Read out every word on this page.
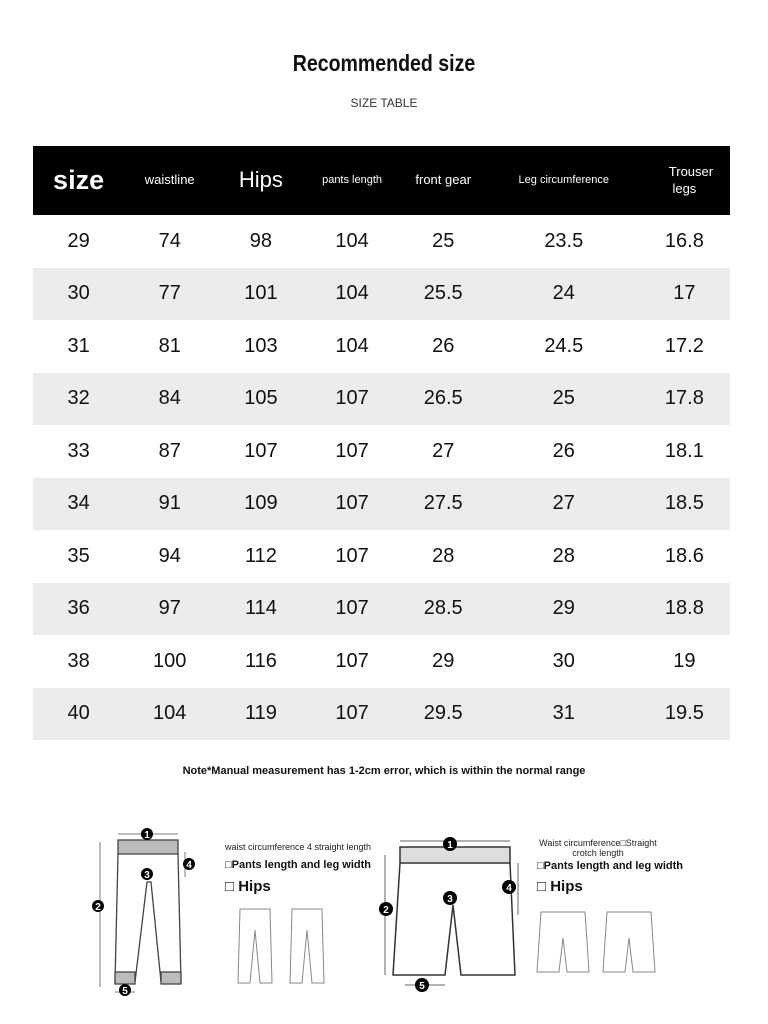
Recommended size
SIZE TABLE
size	waistline	Hips	pants length	front gear	Leg circumference	Trouser legs
29	74	98	104	25	23.5	16.8
30	77	101	104	25.5	24	17
31	81	103	104	26	24.5	17.2
32	84	105	107	26.5	25	17.8
33	87	107	107	27	26	18.1
34	91	109	107	27.5	27	18.5
35	94	112	107	28	28	18.6
36	97	114	107	28.5	29	18.8
38	100	116	107	29	30	19
40	104	119	107	29.5	31	19.5
Note*Manual measurement has 1-2cm error, which is within the normal range
1
2
3
4
5
waist circumference 4 straight length
□Pants length and leg width
□ Hips
1
2
3
4
5
Waist circumference□Straight crotch length
□Pants length and leg width
□ Hips
